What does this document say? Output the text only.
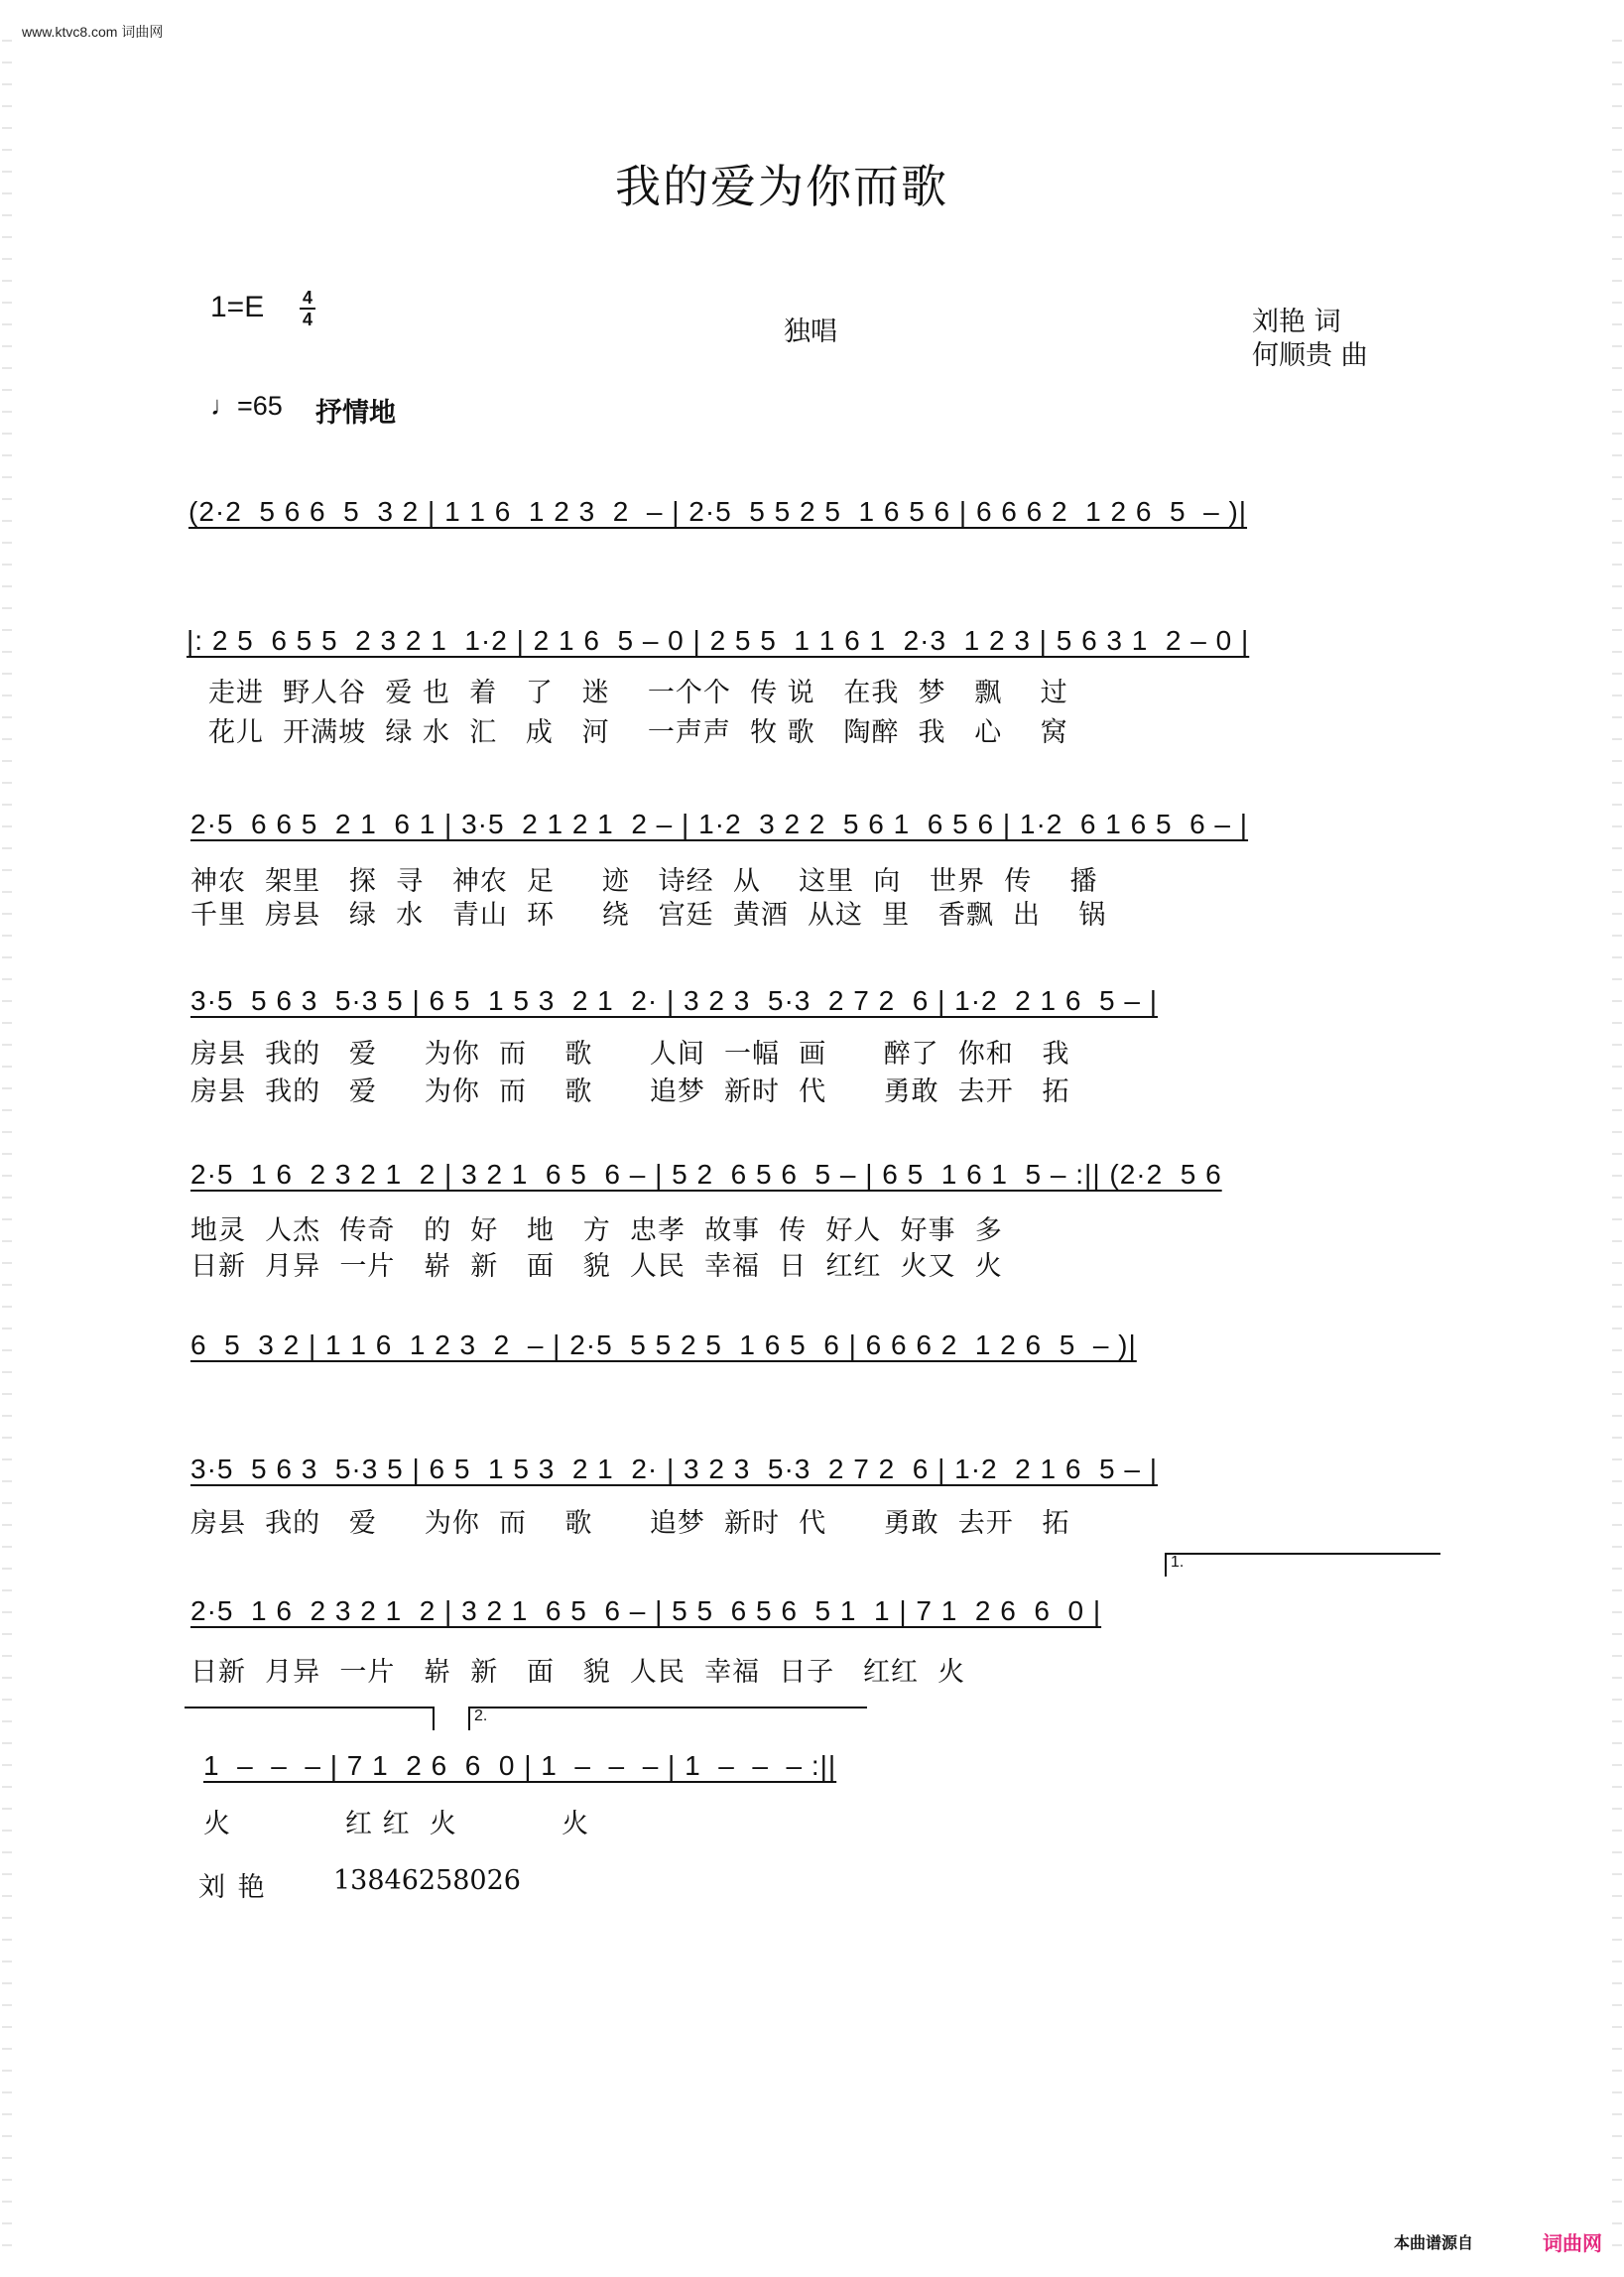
www.ktvc8.com 词曲网
我的爱为你而歌
1=E 4
4	独唱	刘艳 词
何顺贵 曲
♩=65 抒情地
(2·2  5 6 6  5  3 2 | 1 1 6  1 2 3  2  – | 2·5  5 5 2 5  1 6 5 6 | 6 6 6 2  1 2 6  5  – )|
|: 2 5  6 5 5  2 3 2 1  1·2 | 2 1 6  5 – 0 | 2 5 5  1 1 6 1  2·3  1 2 3 | 5 6 3 1  2 – 0 |
走进  野人谷  爱 也  着   了   迷    一个个  传 说   在我  梦   飘    过
花儿  开满坡  绿 水  汇   成   河    一声声  牧 歌   陶醉  我   心    窝
2·5  6 6 5  2 1  6 1 | 3·5  2 1 2 1  2 – | 1·2  3 2 2  5 6 1  6 5 6 | 1·2  6 1 6 5  6 – |
神农  架里   探  寻   神农  足     迹   诗经  从    这里  向   世界  传    播
千里  房县   绿  水   青山  环     绕   宫廷  黄酒  从这  里   香飘  出    锅
3·5  5 6 3  5·3 5 | 6 5  1 5 3  2 1  2· | 3 2 3  5·3  2 7 2  6 | 1·2  2 1 6  5 – |
房县  我的   爱     为你  而    歌      人间  一幅  画      醉了  你和   我
房县  我的   爱     为你  而    歌      追梦  新时  代      勇敢  去开   拓
2·5  1 6  2 3 2 1  2 | 3 2 1  6 5  6 – | 5 2  6 5 6  5 – | 6 5  1 6 1  5 – :|| (2·2  5 6
地灵  人杰  传奇   的  好   地   方  忠孝  故事  传  好人  好事  多
日新  月异  一片   崭  新   面   貌  人民  幸福  日  红红  火又  火
6  5  3 2 | 1 1 6  1 2 3  2  – | 2·5  5 5 2 5  1 6 5  6 | 6 6 6 2  1 2 6  5  – )|
3·5  5 6 3  5·3 5 | 6 5  1 5 3  2 1  2· | 3 2 3  5·3  2 7 2  6 | 1·2  2 1 6  5 – |
房县  我的   爱     为你  而    歌      追梦  新时  代      勇敢  去开   拓
2·5  1 6  2 3 2 1  2 | 3 2 1  6 5  6 – | 5 5  6 5 6  5 1  1 | 7 1  2 6  6  0 |
日新  月异  一片   崭  新   面   貌  人民  幸福  日子   红红  火
1.
2.
1  –  –  – | 7 1  2 6  6  0 | 1  –  –  – | 1  –  –  – :||
火            红 红  火           火
刘 艳 13846258026
本曲谱源自	词曲网
